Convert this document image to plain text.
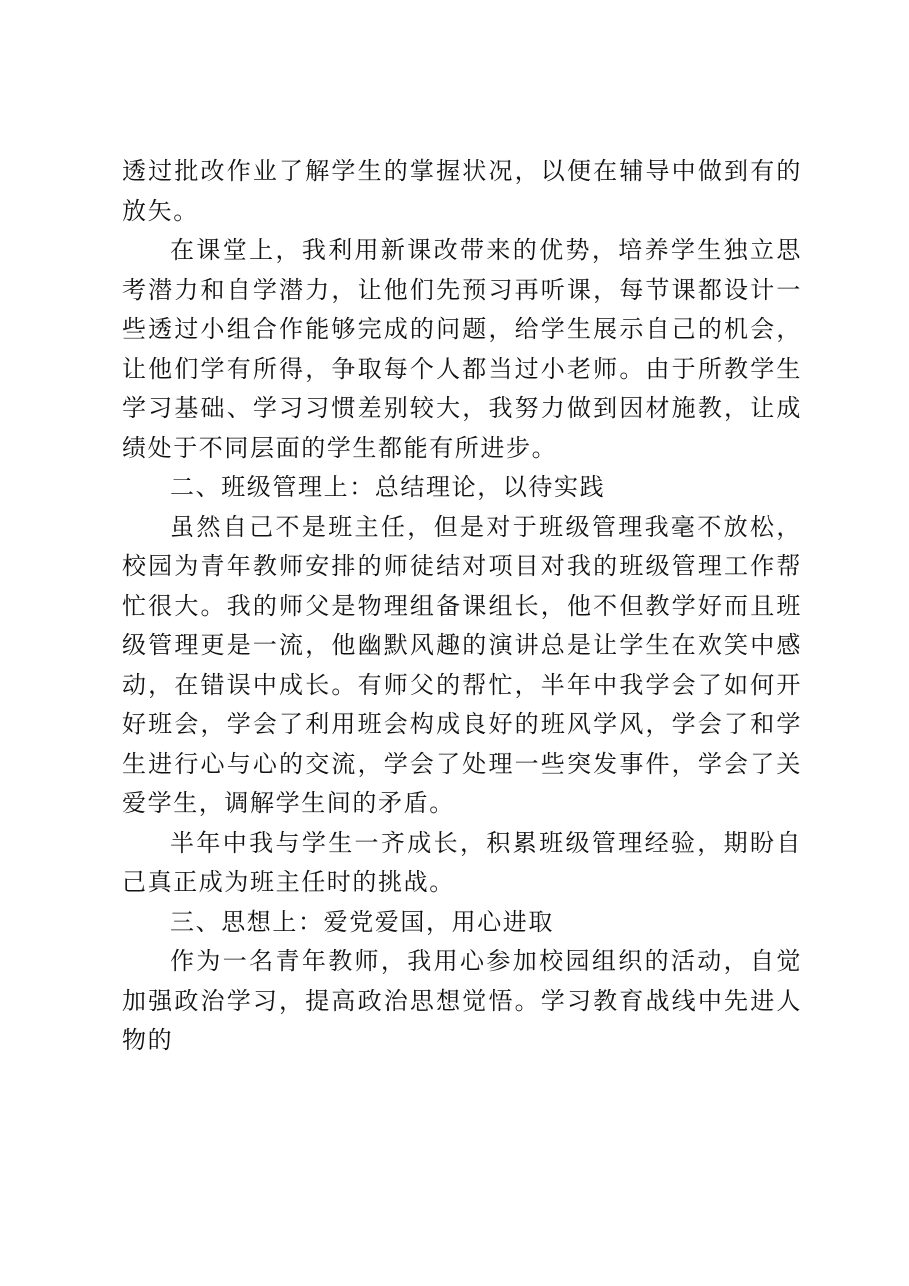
透过批改作业了解学生的掌握状况，以便在辅导中做到有的放矢。

在课堂上，我利用新课改带来的优势，培养学生独立思考潜力和自学潜力，让他们先预习再听课，每节课都设计一些透过小组合作能够完成的问题，给学生展示自己的机会，让他们学有所得，争取每个人都当过小老师。由于所教学生学习基础、学习习惯差别较大，我努力做到因材施教，让成绩处于不同层面的学生都能有所进步。

二、班级管理上：总结理论，以待实践

虽然自己不是班主任，但是对于班级管理我毫不放松，校园为青年教师安排的师徒结对项目对我的班级管理工作帮忙很大。我的师父是物理组备课组长，他不但教学好而且班级管理更是一流，他幽默风趣的演讲总是让学生在欢笑中感动，在错误中成长。有师父的帮忙，半年中我学会了如何开好班会，学会了利用班会构成良好的班风学风，学会了和学生进行心与心的交流，学会了处理一些突发事件，学会了关爱学生，调解学生间的矛盾。

半年中我与学生一齐成长，积累班级管理经验，期盼自己真正成为班主任时的挑战。

三、思想上：爱党爱国，用心进取

作为一名青年教师，我用心参加校园组织的活动，自觉加强政治学习，提高政治思想觉悟。学习教育战线中先进人物的
